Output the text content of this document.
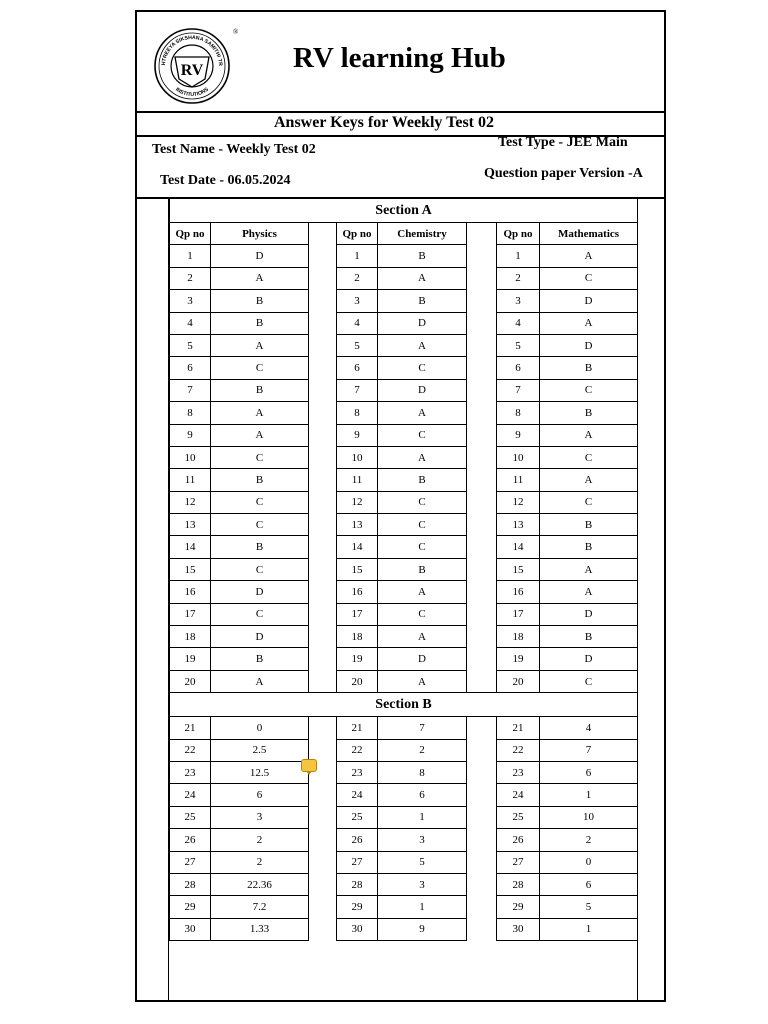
HTREEYA SIKSHANA SAMITHI TR
INSTITUTIONS
RV
®
RV learning Hub
Answer Keys for Weekly Test 02
Test Name - Weekly Test 02	Test Type - JEE Main
Test Date - 06.05.2024	Question paper Version -A
Section A							
Qp no	Physics		Qp no	Chemistry		Qp no	Mathematics
1	D		1	B		1	A
2	A		2	A		2	C
3	B		3	B		3	D
4	B		4	D		4	A
5	A		5	A		5	D
6	C		6	C		6	B
7	B		7	D		7	C
8	A		8	A		8	B
9	A		9	C		9	A
10	C		10	A		10	C
11	B		11	B		11	A
12	C		12	C		12	C
13	C		13	C		13	B
14	B		14	C		14	B
15	C		15	B		15	A
16	D		16	A		16	A
17	C		17	C		17	D
18	D		18	A		18	B
19	B		19	D		19	D
20	A		20	A		20	C
Section B							
21	0		21	7		21	4
22	2.5		22	2		22	7
23	12.5		23	8		23	6
24	6		24	6		24	1
25	3		25	1		25	10
26	2		26	3		26	2
27	2		27	5		27	0
28	22.36		28	3		28	6
29	7.2		29	1		29	5
30	1.33		30	9		30	1
